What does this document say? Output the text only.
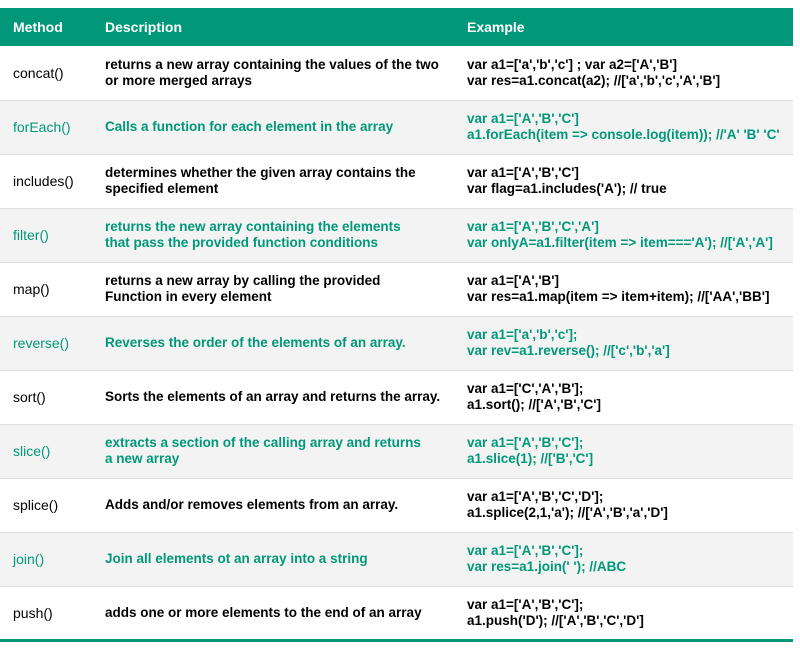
Method	Description	Example
concat()	returns a new array containing the values of the two
or more merged arrays	var a1=['a','b','c'] ; var a2=['A','B']
var res=a1.concat(a2); //['a','b','c','A','B']

forEach()	Calls a function for each element in the array	var a1=['A','B','C']
a1.forEach(item => console.log(item)); //'A' 'B' 'C'

includes()	determines whether the given array contains the
specified element	var a1=['A','B','C']
var flag=a1.includes('A'); // true

filter()	returns the new array containing the elements
that pass the provided function conditions	var a1=['A','B','C','A']
var onlyA=a1.filter(item => item==='A'); //['A','A']

map()	returns a new array by calling the provided
Function in every element	var a1=['A','B']
var res=a1.map(item => item+item); //['AA','BB']

reverse()	Reverses the order of the elements of an array.	var a1=['a','b','c'];
var rev=a1.reverse(); //['c','b','a']

sort()	Sorts the elements of an array and returns the array.	var a1=['C','A','B'];
a1.sort(); //['A','B','C']

slice()	extracts a section of the calling array and returns
a new array	var a1=['A','B','C'];
a1.slice(1); //['B','C']

splice()	Adds and/or removes elements from an array.	var a1=['A','B','C','D'];
a1.splice(2,1,'a'); //['A','B','a','D']

join()	Join all elements ot an array into a string	var a1=['A','B','C'];
var res=a1.join(' '); //ABC

push()	adds one or more elements to the end of an array	var a1=['A','B','C'];
a1.push('D'); //['A','B','C','D']
